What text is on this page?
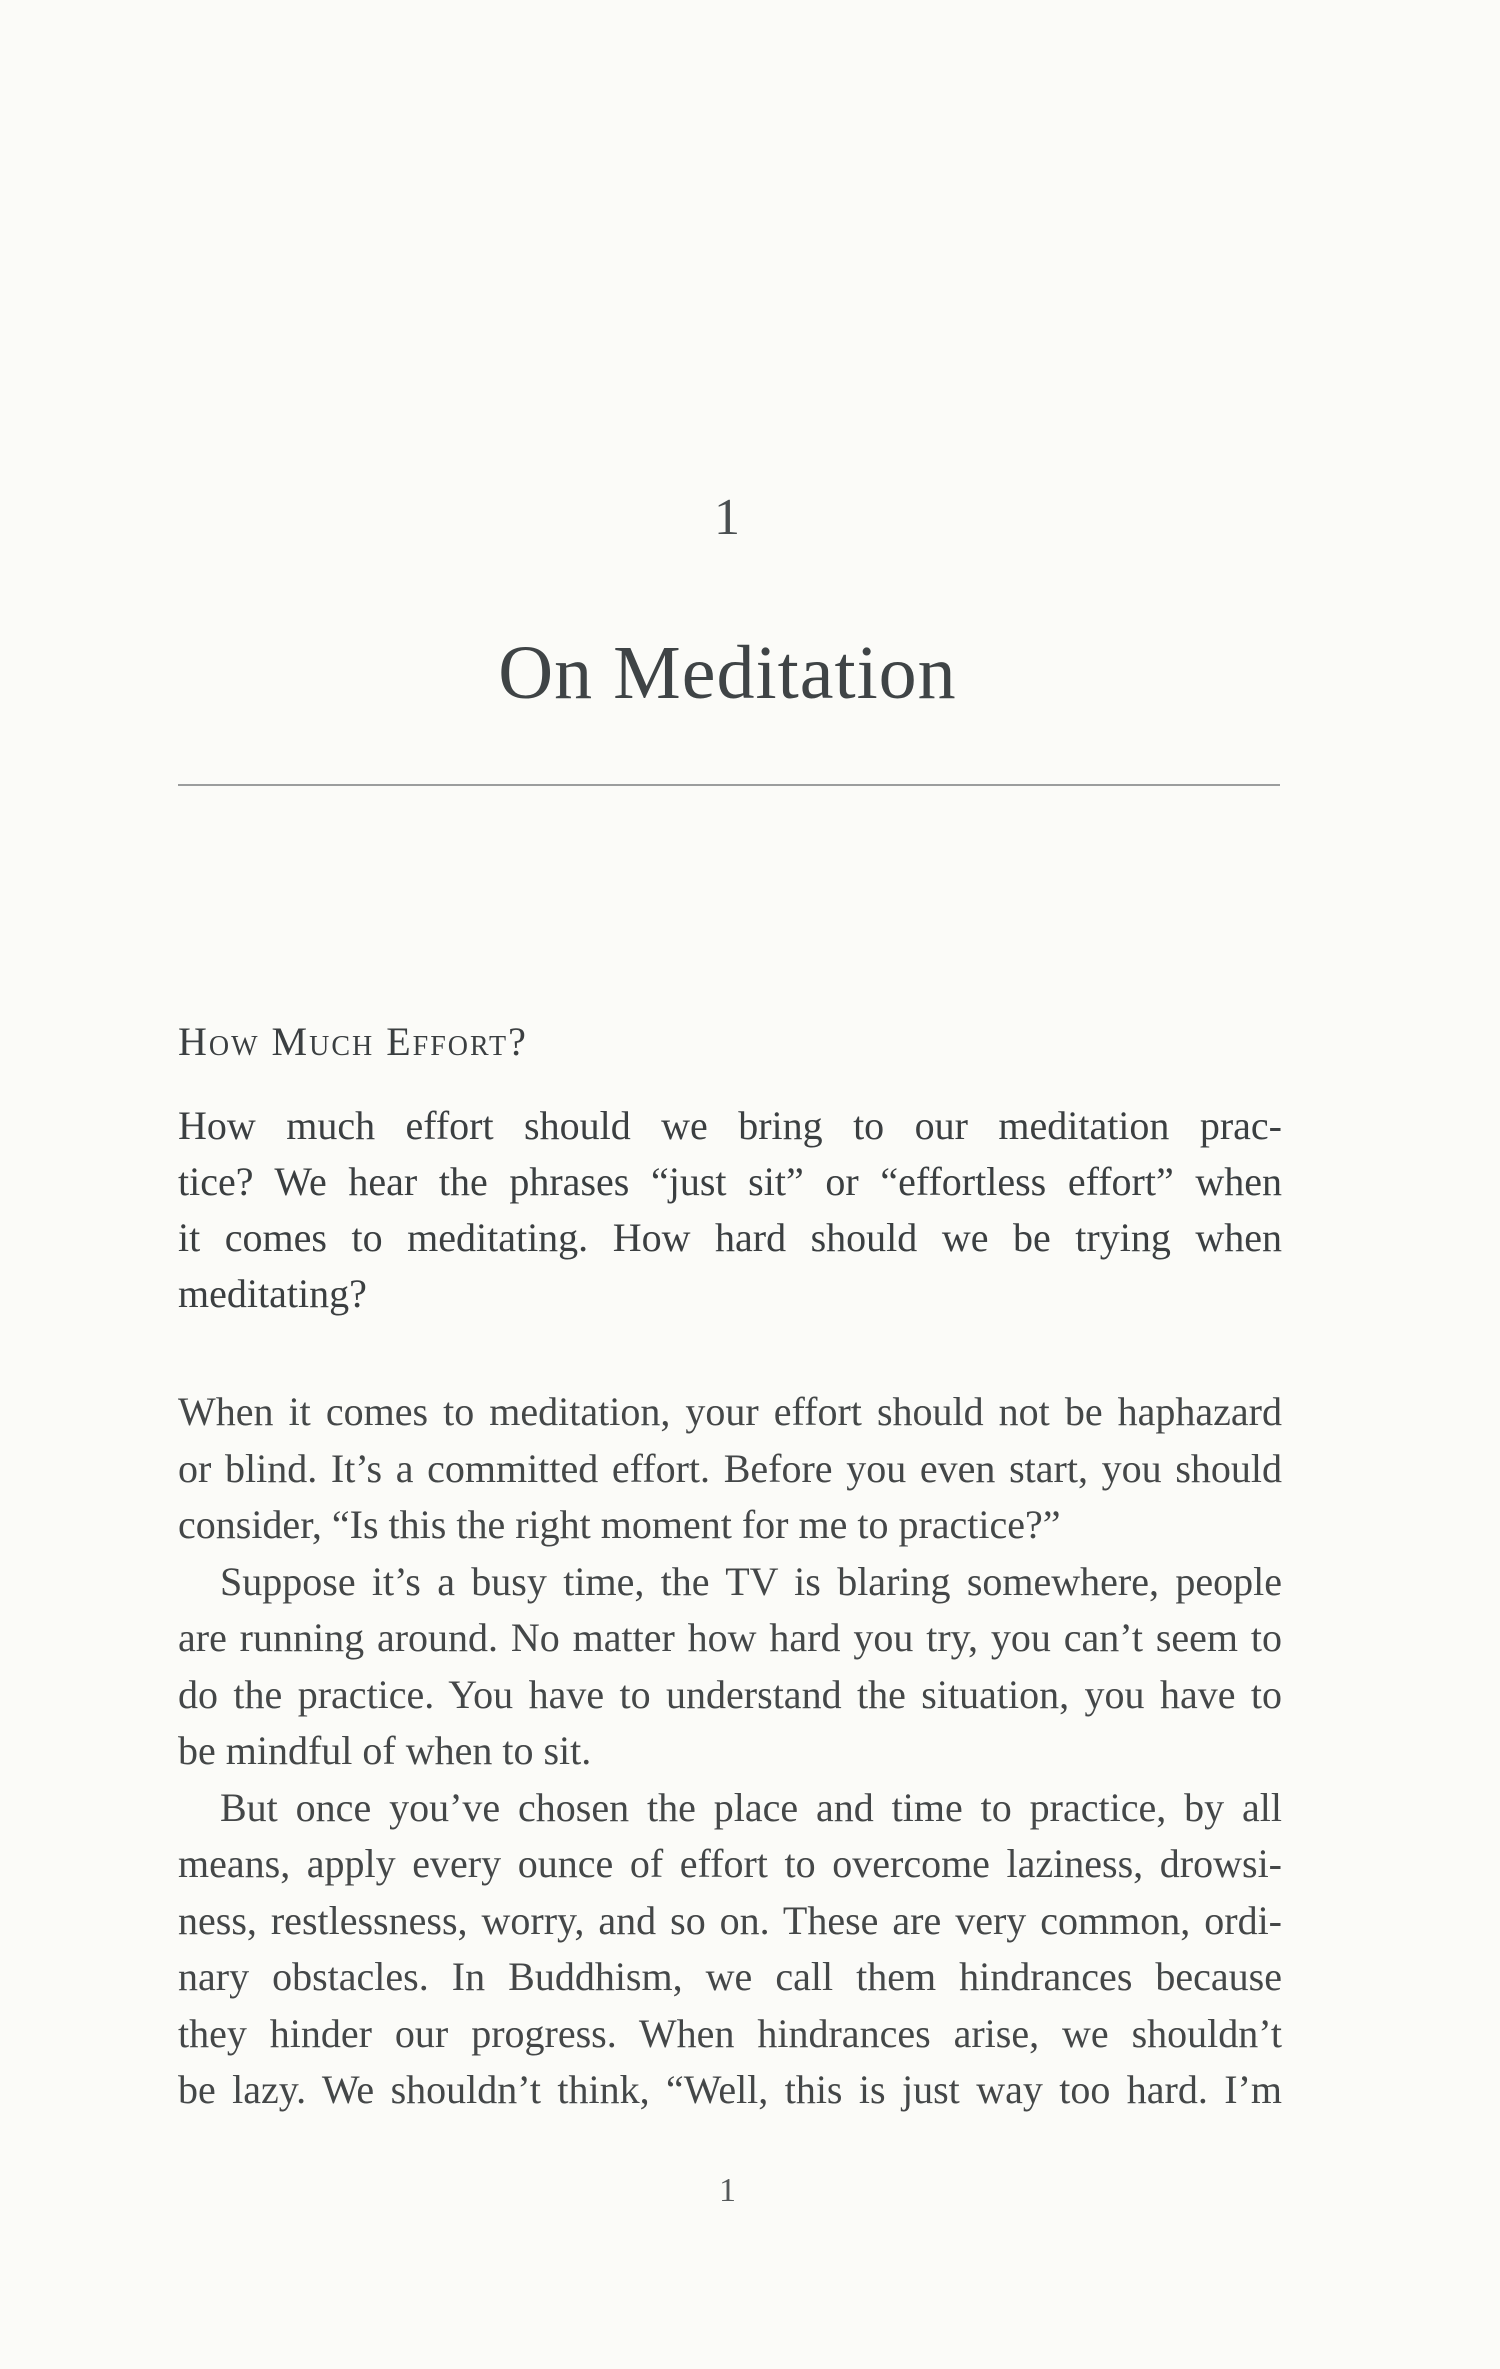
1
On Meditation
How Much Effort?
How much effort should we bring to our meditation prac-
tice? We hear the phrases “just sit” or “effortless effort” when
it comes to meditating. How hard should we be trying when
meditating?
When it comes to meditation, your effort should not be haphazard
or blind. It’s a committed effort. Before you even start, you should
consider, “Is this the right moment for me to practice?”
Suppose it’s a busy time, the TV is blaring somewhere, people
are running around. No matter how hard you try, you can’t seem to
do the practice. You have to understand the situation, you have to
be mindful of when to sit.
But once you’ve chosen the place and time to practice, by all
means, apply every ounce of effort to overcome laziness, drowsi-
ness, restlessness, worry, and so on. These are very common, ordi-
nary obstacles. In Buddhism, we call them hindrances because
they hinder our progress. When hindrances arise, we shouldn’t
be lazy. We shouldn’t think, “Well, this is just way too hard. I’m
1
